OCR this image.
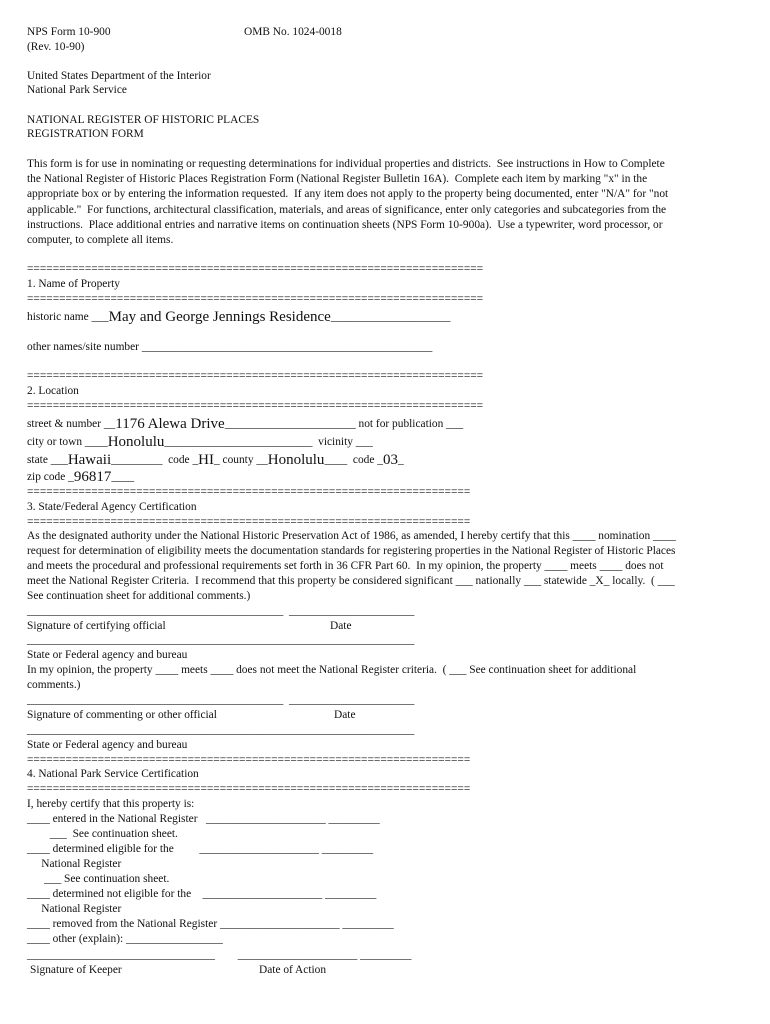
NPS Form 10-900	OMB No. 1024-0018
(Rev. 10-90)
United States Department of the Interior
National Park Service
NATIONAL REGISTER OF HISTORIC PLACES
REGISTRATION FORM
This form is for use in nominating or requesting determinations for individual properties and districts.  See instructions in How to Complete
the National Register of Historic Places Registration Form (National Register Bulletin 16A).  Complete each item by marking "x" in the
appropriate box or by entering the information requested.  If any item does not apply to the property being documented, enter "N/A" for "not
applicable."  For functions, architectural classification, materials, and areas of significance, enter only categories and subcategories from the
instructions.  Place additional entries and narrative items on continuation sheets (NPS Form 10-900a).  Use a typewriter, word processor, or
computer, to complete all items.
=======================================================================
1. Name of Property
=======================================================================
historic name ___May and George Jennings Residence_____________________
other names/site number ___________________________________________________
=======================================================================
2. Location
=======================================================================
street & number __1176 Alewa Drive_______________________ not for publication ___
city or town ____Honolulu__________________________  vicinity ___
state ___Hawaii_________  code _HI_ county __Honolulu____  code _03_
zip code _96817____
=====================================================================
3. State/Federal Agency Certification
=====================================================================
As the designated authority under the National Historic Preservation Act of 1986, as amended, I hereby certify that this ____ nomination ____
request for determination of eligibility meets the documentation standards for registering properties in the National Register of Historic Places
and meets the procedural and professional requirements set forth in 36 CFR Part 60.  In my opinion, the property ____ meets ____ does not
meet the National Register Criteria.  I recommend that this property be considered significant ___ nationally ___ statewide _X_ locally.  ( ___
See continuation sheet for additional comments.)
_____________________________________________  ______________________
Signature of certifying official	Date
____________________________________________________________________
State or Federal agency and bureau
In my opinion, the property ____ meets ____ does not meet the National Register criteria.  ( ___ See continuation sheet for additional
comments.)
_____________________________________________  ______________________
Signature of commenting or other official	Date
____________________________________________________________________
State or Federal agency and bureau
=====================================================================
4. National Park Service Certification
=====================================================================
I, hereby certify that this property is:
____ entered in the National Register   _____________________ _________
___  See continuation sheet.
____ determined eligible for the         _____________________ _________
National Register
___ See continuation sheet.
____ determined not eligible for the    _____________________ _________
National Register
____ removed from the National Register _____________________ _________
____ other (explain): _________________
_________________________________        _____________________ _________
Signature of Keeper	Date of Action
